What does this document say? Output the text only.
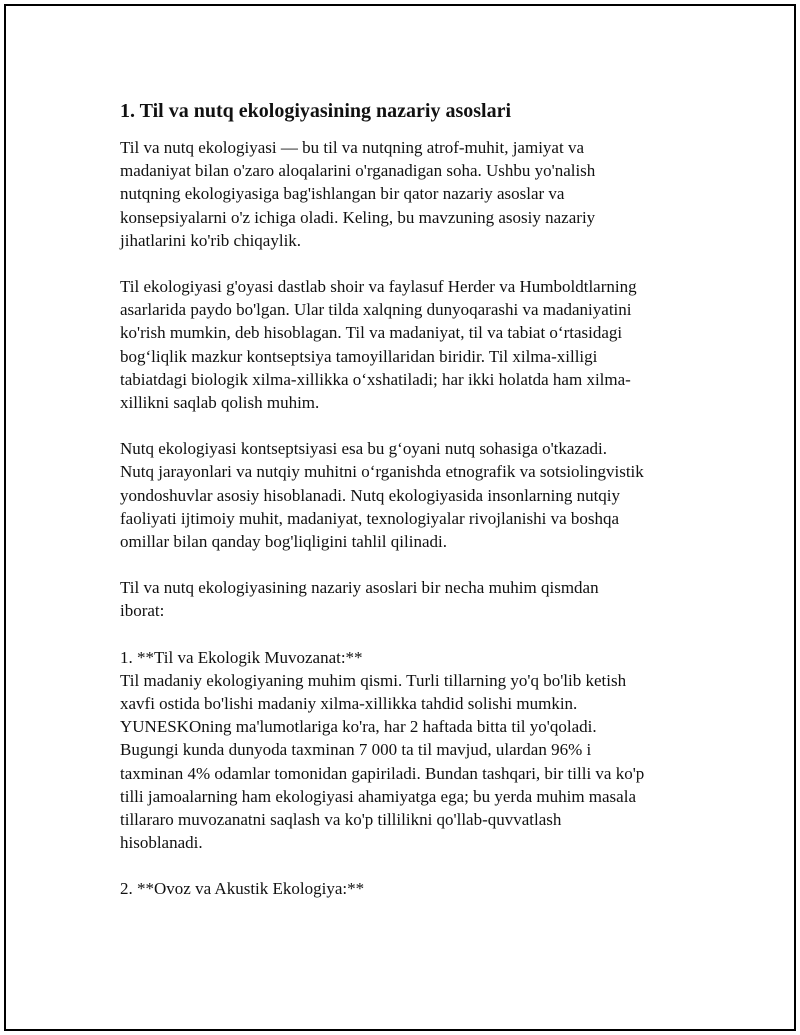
1. Til va nutq ekologiyasining nazariy asoslari

Til va nutq ekologiyasi — bu til va nutqning atrof-muhit, jamiyat va
madaniyat bilan o'zaro aloqalarini o'rganadigan soha. Ushbu yo'nalish
nutqning ekologiyasiga bag'ishlangan bir qator nazariy asoslar va
konsepsiyalarni o'z ichiga oladi. Keling, bu mavzuning asosiy nazariy
jihatlarini ko'rib chiqaylik.

Til ekologiyasi g'oyasi dastlab shoir va faylasuf Herder va Humboldtlarning
asarlarida paydo bo'lgan. Ular tilda xalqning dunyoqarashi va madaniyatini
ko'rish mumkin, deb hisoblagan. Til va madaniyat, til va tabiat o‘rtasidagi
bog‘liqlik mazkur kontseptsiya tamoyillaridan biridir. Til xilma-xilligi
tabiatdagi biologik xilma-xillikka o‘xshatiladi; har ikki holatda ham xilma-
xillikni saqlab qolish muhim.

Nutq ekologiyasi kontseptsiyasi esa bu g‘oyani nutq sohasiga o'tkazadi.
Nutq jarayonlari va nutqiy muhitni o‘rganishda etnografik va sotsiolingvistik
yondoshuvlar asosiy hisoblanadi. Nutq ekologiyasida insonlarning nutqiy
faoliyati ijtimoiy muhit, madaniyat, texnologiyalar rivojlanishi va boshqa
omillar bilan qanday bog'liqligini tahlil qilinadi.

Til va nutq ekologiyasining nazariy asoslari bir necha muhim qismdan
iborat:

1. **Til va Ekologik Muvozanat:**
Til madaniy ekologiyaning muhim qismi. Turli tillarning yo'q bo'lib ketish
xavfi ostida bo'lishi madaniy xilma-xillikka tahdid solishi mumkin.
YUNESKOning ma'lumotlariga ko'ra, har 2 haftada bitta til yo'qoladi.
Bugungi kunda dunyoda taxminan 7 000 ta til mavjud, ulardan 96% i
taxminan 4% odamlar tomonidan gapiriladi. Bundan tashqari, bir tilli va ko'p
tilli jamoalarning ham ekologiyasi ahamiyatga ega; bu yerda muhim masala
tillararo muvozanatni saqlash va ko'p tillilikni qo'llab-quvvatlash
hisoblanadi.

2. **Ovoz va Akustik Ekologiya:**
